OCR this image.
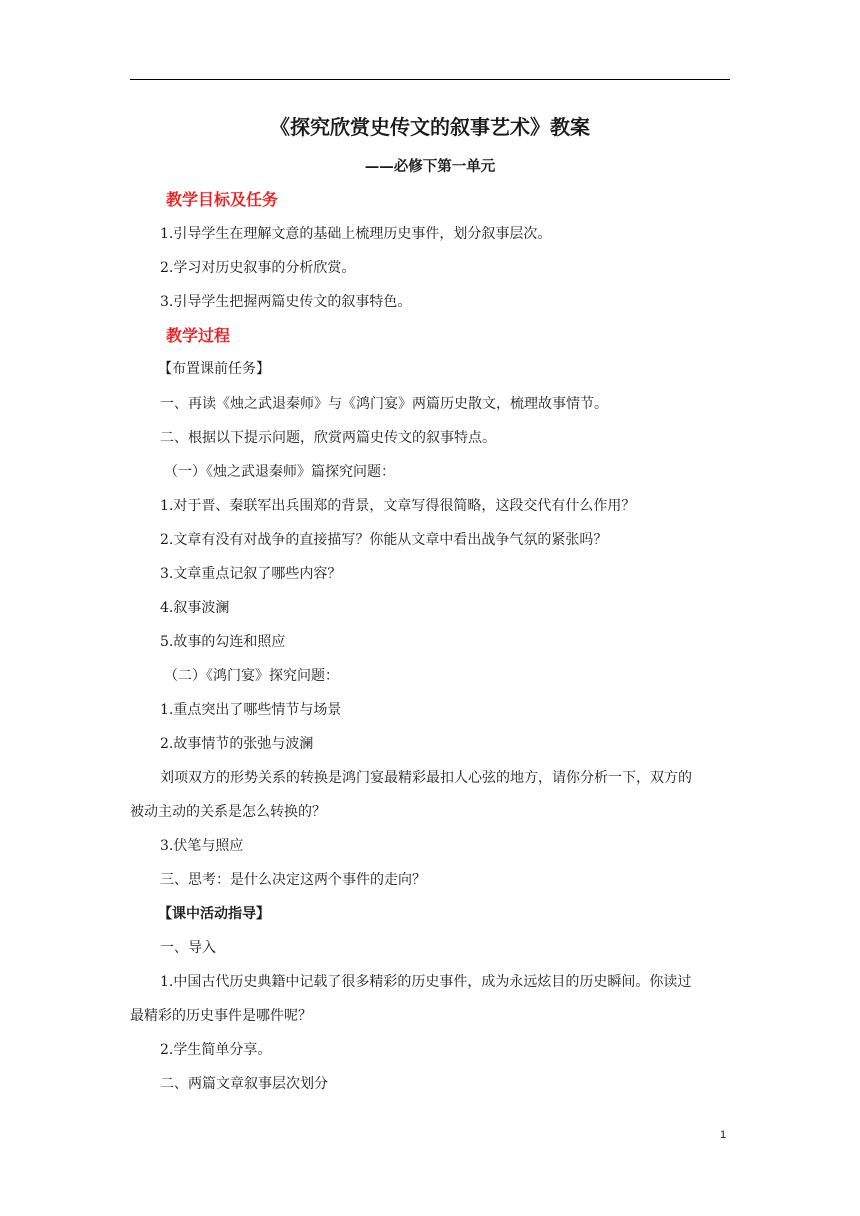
《探究欣赏史传文的叙事艺术》教案
——必修下第一单元
教学目标及任务
1.引导学生在理解文意的基础上梳理历史事件，划分叙事层次。
2.学习对历史叙事的分析欣赏。
3.引导学生把握两篇史传文的叙事特色。
教学过程
【布置课前任务】
一、再读《烛之武退秦师》与《鸿门宴》两篇历史散文，梳理故事情节。
二、根据以下提示问题，欣赏两篇史传文的叙事特点。
（一）《烛之武退秦师》篇探究问题：
1.对于晋、秦联军出兵围郑的背景，文章写得很简略，这段交代有什么作用？
2.文章有没有对战争的直接描写？你能从文章中看出战争气氛的紧张吗？
3.文章重点记叙了哪些内容？
4.叙事波澜
5.故事的勾连和照应
（二）《鸿门宴》探究问题：
1.重点突出了哪些情节与场景
2.故事情节的张弛与波澜
刘项双方的形势关系的转换是鸿门宴最精彩最扣人心弦的地方，请你分析一下，双方的
被动主动的关系是怎么转换的？
3.伏笔与照应
三、思考：是什么决定这两个事件的走向？
【课中活动指导】
一、导入
1.中国古代历史典籍中记载了很多精彩的历史事件，成为永远炫目的历史瞬间。你读过
最精彩的历史事件是哪件呢？
2.学生简单分享。
二、两篇文章叙事层次划分
1
